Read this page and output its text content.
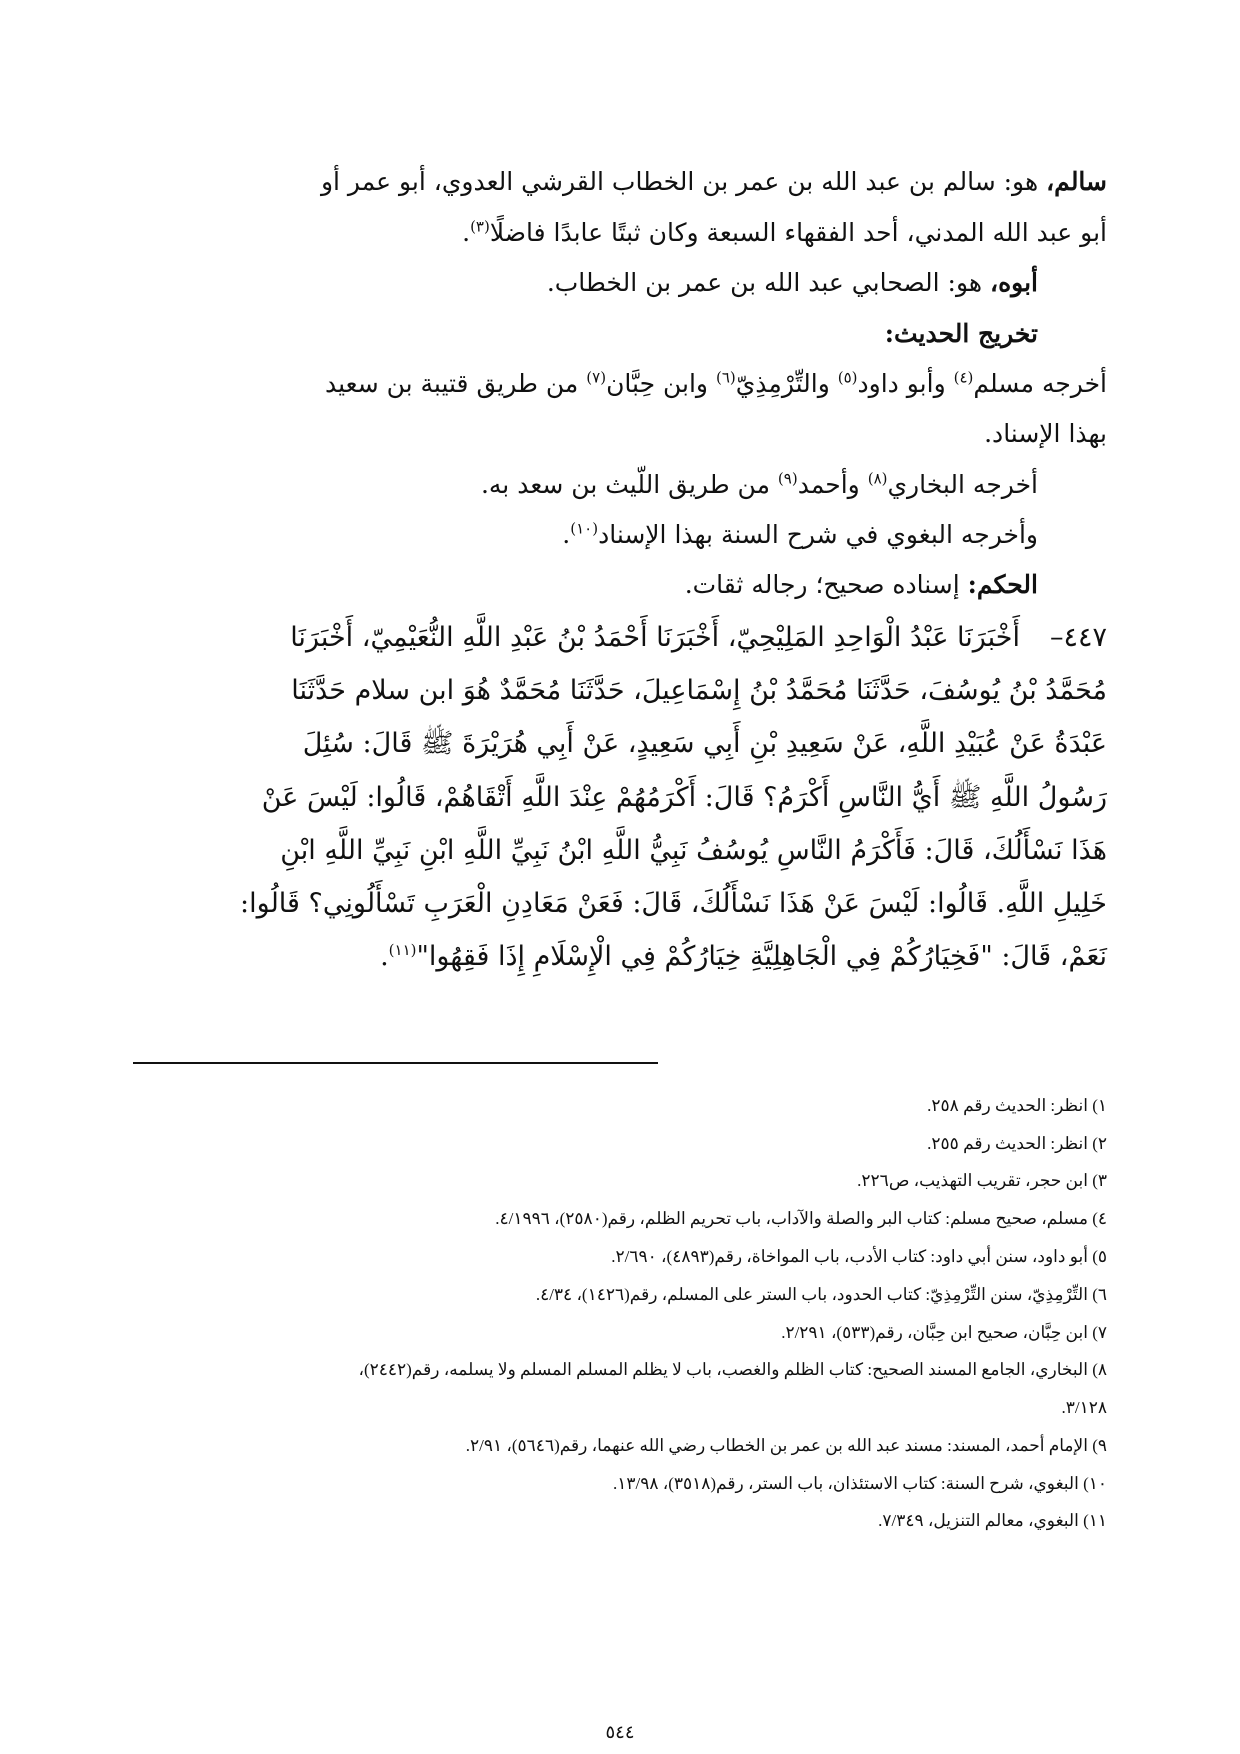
سالم، هو: سالم بن عبد الله بن عمر بن الخطاب القرشي العدوي، أبو عمر أو
أبو عبد الله المدني، أحد الفقهاء السبعة وكان ثبتًا عابدًا فاضلًا$^{(٣)}$.
أبوه، هو: الصحابي عبد الله بن عمر بن الخطاب.
تخريج الحديث:
أخرجه مسلم$^{(٤)}$ وأبو داود$^{(٥)}$ والتِّرْمِذِيّ$^{(٦)}$ وابن حِبَّان$^{(٧)}$ من طريق قتيبة بن سعيد
بهذا الإسناد.
أخرجه البخاري$^{(٨)}$ وأحمد$^{(٩)}$ من طريق اللّيث بن سعد به.
وأخرجه البغوي في شرح السنة بهذا الإسناد$^{(١٠)}$.
الحكم: إسناده صحيح؛ رجاله ثقات.
٤٤٧–
أَخْبَرَنَا عَبْدُ الْوَاحِدِ المَلِيْحِيّ، أَخْبَرَنَا أَحْمَدُ بْنُ عَبْدِ اللَّهِ النُّعَيْمِيّ، أَخْبَرَنَا
مُحَمَّدُ بْنُ يُوسُفَ، حَدَّثَنَا مُحَمَّدُ بْنُ إِسْمَاعِيلَ، حَدَّثَنَا مُحَمَّدٌ هُوَ ابن سلام حَدَّثَنَا
عَبْدَةُ عَنْ عُبَيْدِ اللَّهِ، عَنْ سَعِيدِ بْنِ أَبِي سَعِيدٍ، عَنْ أَبِي هُرَيْرَةَ ﷺ قَالَ: سُئِلَ
رَسُولُ اللَّهِ ﷺ أَيُّ النَّاسِ أَكْرَمُ؟ قَالَ: أَكْرَمُهُمْ عِنْدَ اللَّهِ أَتْقَاهُمْ، قَالُوا: لَيْسَ عَنْ
هَذَا نَسْأَلُكَ، قَالَ: فَأَكْرَمُ النَّاسِ يُوسُفُ نَبِيُّ اللَّهِ ابْنُ نَبِيِّ اللَّهِ ابْنِ نَبِيِّ اللَّهِ ابْنِ
خَلِيلِ اللَّهِ. قَالُوا: لَيْسَ عَنْ هَذَا نَسْأَلُكَ، قَالَ: فَعَنْ مَعَادِنِ الْعَرَبِ تَسْأَلُونِي؟ قَالُوا:
نَعَمْ، قَالَ: "فَخِيَارُكُمْ فِي الْجَاهِلِيَّةِ خِيَارُكُمْ فِي الْإِسْلَامِ إِذَا فَقِهُوا"$^{(١١)}$.
١) انظر: الحديث رقم ٢٥٨.
٢) انظر: الحديث رقم ٢٥٥.
٣) ابن حجر، تقريب التهذيب، ص٢٢٦.
٤) مسلم، صحيح مسلم: كتاب البر والصلة والآداب، باب تحريم الظلم، رقم(٢٥٨٠)، ٤/١٩٩٦.
٥) أبو داود، سنن أبي داود: كتاب الأدب، باب المواخاة، رقم(٤٨٩٣)، ٢/٦٩٠.
٦) التِّرْمِذِيّ، سنن التِّرْمِذِيّ: كتاب الحدود، باب الستر على المسلم، رقم(١٤٢٦)، ٤/٣٤.
٧) ابن حِبَّان، صحيح ابن حِبَّان، رقم(٥٣٣)، ٢/٢٩١.
٨) البخاري، الجامع المسند الصحيح: كتاب الظلم والغصب، باب لا يظلم المسلم المسلم ولا يسلمه، رقم(٢٤٤٢)،
٣/١٢٨.
٩) الإمام أحمد، المسند: مسند عبد الله بن عمر بن الخطاب رضي الله عنهما، رقم(٥٦٤٦)، ٢/٩١.
١٠) البغوي، شرح السنة: كتاب الاستئذان، باب الستر، رقم(٣٥١٨)، ١٣/٩٨.
١١) البغوي، معالم التنزيل، ٧/٣٤٩.
٥٤٤
